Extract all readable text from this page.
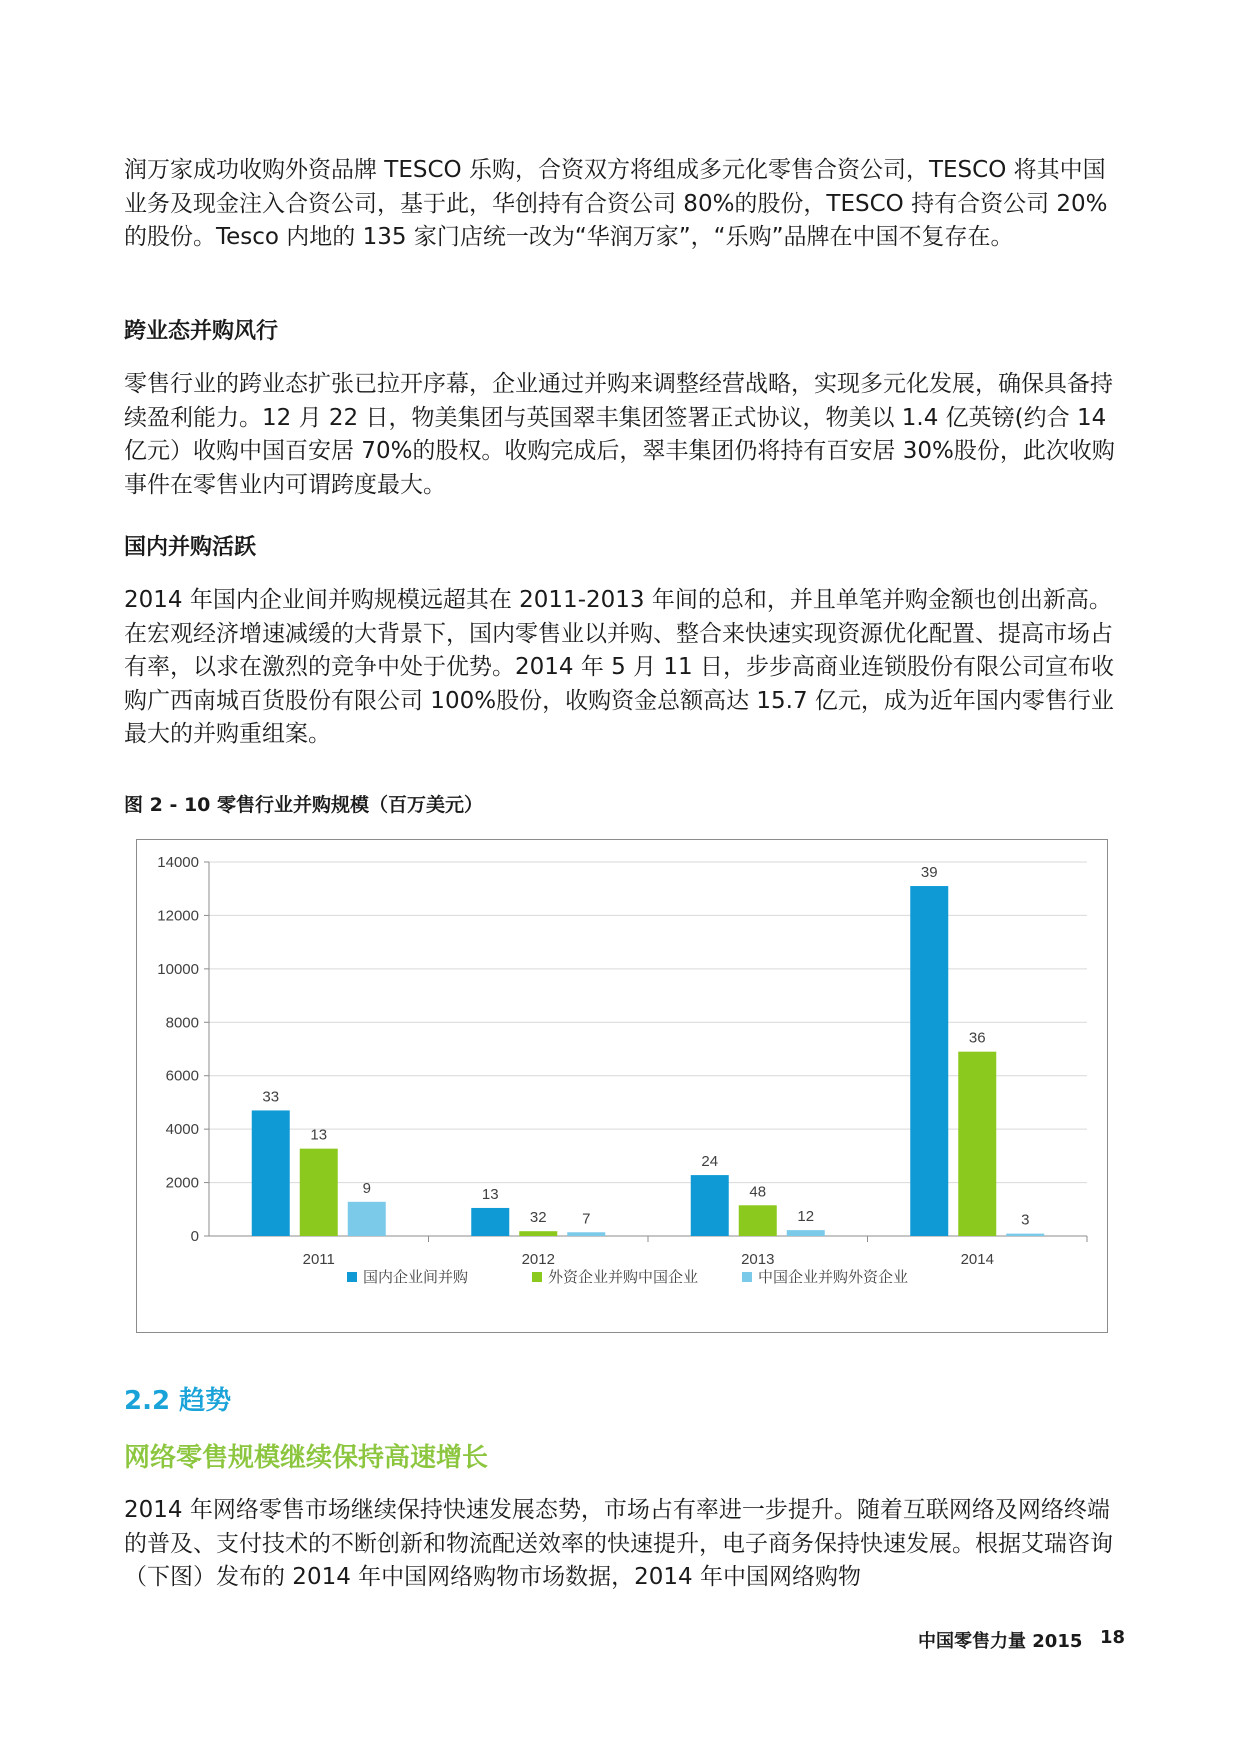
润万家成功收购外资品牌 TESCO 乐购，合资双方将组成多元化零售合资公司，TESCO 将其中国业务及现金注入合资公司，基于此，华创持有合资公司 80%的股份，TESCO 持有合资公司 20%的股份。Tesco 内地的 135 家门店统一改为“华润万家”，“乐购”品牌在中国不复存在。

跨业态并购风行

零售行业的跨业态扩张已拉开序幕，企业通过并购来调整经营战略，实现多元化发展，确保具备持续盈利能力。12 月 22 日，物美集团与英国翠丰集团签署正式协议，物美以 1.4 亿英镑(约合 14 亿元）收购中国百安居 70%的股权。收购完成后，翠丰集团仍将持有百安居 30%股份，此次收购事件在零售业内可谓跨度最大。

国内并购活跃

2014 年国内企业间并购规模远超其在 2011-2013 年间的总和，并且单笔并购金额也创出新高。在宏观经济增速减缓的大背景下，国内零售业以并购、整合来快速实现资源优化配置、提高市场占有率，以求在激烈的竞争中处于优势。2014 年 5 月 11 日，步步高商业连锁股份有限公司宣布收购广西南城百货股份有限公司 100%股份，收购资金总额高达 15.7 亿元，成为近年国内零售行业最大的并购重组案。

图 2 - 10 零售行业并购规模（百万美元）
0
2000
4000
6000
8000
10000
12000
14000
33
13
9
2011
13
32 7
2012
24
48
12
2013
39
36
3
2014
国内企业间并购	外资企业并购中国企业	中国企业并购外资企业
2.2 趋势
网络零售规模继续保持高速增长

2014 年网络零售市场继续保持快速发展态势，市场占有率进一步提升。随着互联网络及网络终端的普及、支付技术的不断创新和物流配送效率的快速提升，电子商务保持快速发展。根据艾瑞咨询（下图）发布的 2014 年中国网络购物市场数据，2014 年中国网络购物

中国零售力量 2015 18
